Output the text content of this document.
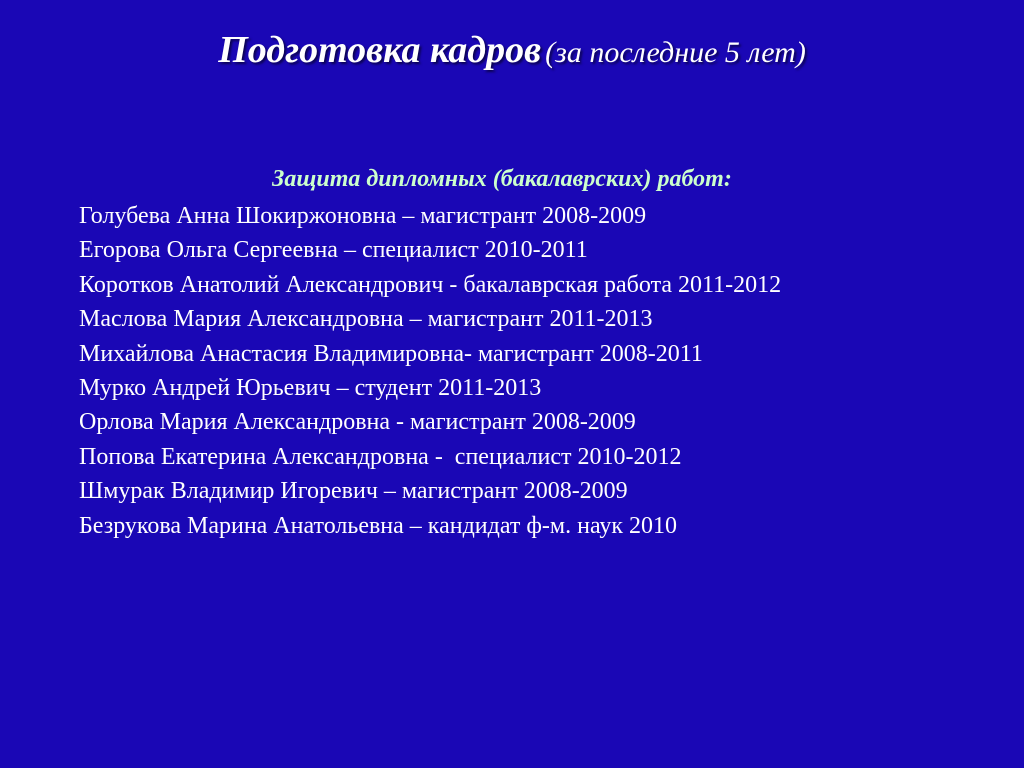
Подготовка кадров (за последние 5 лет)
Защита дипломных (бакалаврских) работ:
Голубева Анна Шокиржоновна – магистрант 2008-2009
Егорова Ольга Сергеевна – специалист 2010-2011
Коротков Анатолий Александрович - бакалаврская работа 2011-2012
Маслова Мария Александровна – магистрант 2011-2013
Михайлова Анастасия Владимировна- магистрант 2008-2011
Мурко Андрей Юрьевич – студент 2011-2013
Орлова Мария Александровна - магистрант 2008-2009
Попова Екатерина Александровна -  специалист 2010-2012
Шмурак Владимир Игоревич – магистрант 2008-2009
Безрукова Марина Анатольевна – кандидат ф-м. наук 2010
